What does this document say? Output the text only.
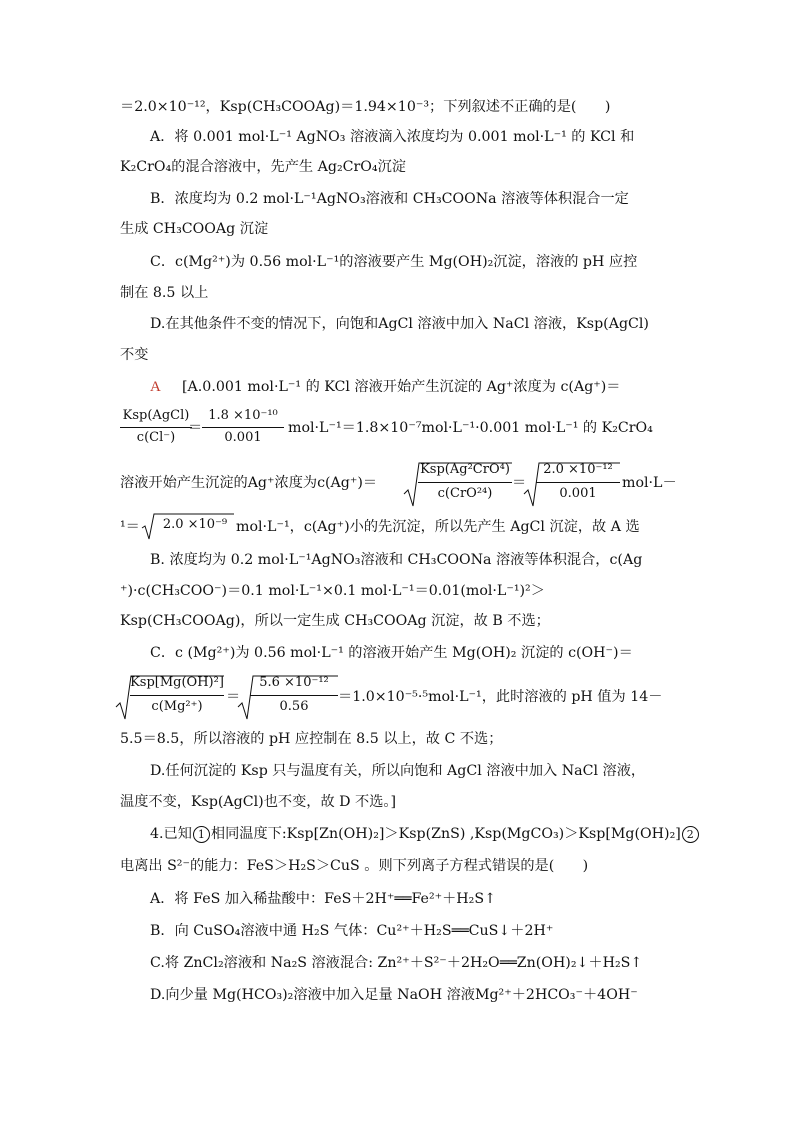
＝2.0×10⁻¹²，Ksp(CH₃COOAg)＝1.94×10⁻³；下列叙述不正确的是(　　)
A．将 0.001 mol·L⁻¹ AgNO₃ 溶液滴入浓度均为 0.001 mol·L⁻¹ 的 KCl 和
K₂CrO₄的混合溶液中，先产生 Ag₂CrO₄沉淀
B．浓度均为 0.2 mol·L⁻¹AgNO₃溶液和 CH₃COONa 溶液等体积混合一定
生成 CH₃COOAg 沉淀
C．c(Mg²⁺)为 0.56 mol·L⁻¹的溶液要产生 Mg(OH)₂沉淀，溶液的 pH 应控
制在 8.5 以上
D.在其他条件不变的情况下，向饱和AgCl 溶液中加入 NaCl 溶液，Ksp(AgCl)
不变
A [A.0.001 mol·L⁻¹ 的 KCl 溶液开始产生沉淀的 Ag⁺浓度为 c(Ag⁺)＝
Ksp(AgCl)
c(Cl⁻)
＝
1.8 ×10⁻¹⁰
0.001
mol·L⁻¹＝1.8×10⁻⁷mol·L⁻¹·0.001 mol·L⁻¹ 的 K₂CrO₄
溶液开始产生沉淀的Ag⁺浓度为c(Ag⁺)＝
Ksp(Ag²CrO⁴)
c(CrO²⁴)
＝
2.0 ×10⁻¹²
0.001
mol·L－
¹＝	2.0 ×10⁻⁹ mol·L⁻¹，c(Ag⁺)小的先沉淀，所以先产生 AgCl 沉淀，故 A 选
B. 浓度均为 0.2 mol·L⁻¹AgNO₃溶液和 CH₃COONa 溶液等体积混合，c(Ag
⁺)·c(CH₃COO⁻)＝0.1 mol·L⁻¹×0.1 mol·L⁻¹＝0.01(mol·L⁻¹)²＞
Ksp(CH₃COOAg)，所以一定生成 CH₃COOAg 沉淀，故 B 不选；
C．c (Mg²⁺)为 0.56 mol·L⁻¹ 的溶液开始产生 Mg(OH)₂ 沉淀的 c(OH⁻)＝
Ksp[Mg(OH)²]
c(Mg²⁺)
＝
5.6 ×10⁻¹²
0.56
＝1.0×10⁻⁵·⁵mol·L⁻¹，此时溶液的 pH 值为 14－
5.5＝8.5，所以溶液的 pH 应控制在 8.5 以上，故 C 不选；
D.任何沉淀的 Ksp 只与温度有关，所以向饱和 AgCl 溶液中加入 NaCl 溶液，
温度不变，Ksp(AgCl)也不变，故 D 不选。]
4.已知 1 相同温度下:Ksp[Zn(OH)₂]＞Ksp(ZnS) ,Ksp(MgCO₃)＞Ksp[Mg(OH)₂] 2
电离出 S²⁻的能力：FeS＞H₂S＞CuS 。则下列离子方程式错误的是(　　)
A．将 FeS 加入稀盐酸中：FeS＋2H⁺══Fe²⁺＋H₂S↑
B．向 CuSO₄溶液中通 H₂S 气体：Cu²⁺＋H₂S══CuS↓＋2H⁺
C.将 ZnCl₂溶液和 Na₂S 溶液混合: Zn²⁺＋S²⁻＋2H₂O══Zn(OH)₂↓＋H₂S↑
D.向少量 Mg(HCO₃)₂溶液中加入足量 NaOH 溶液Mg²⁺＋2HCO₃⁻＋4OH⁻
